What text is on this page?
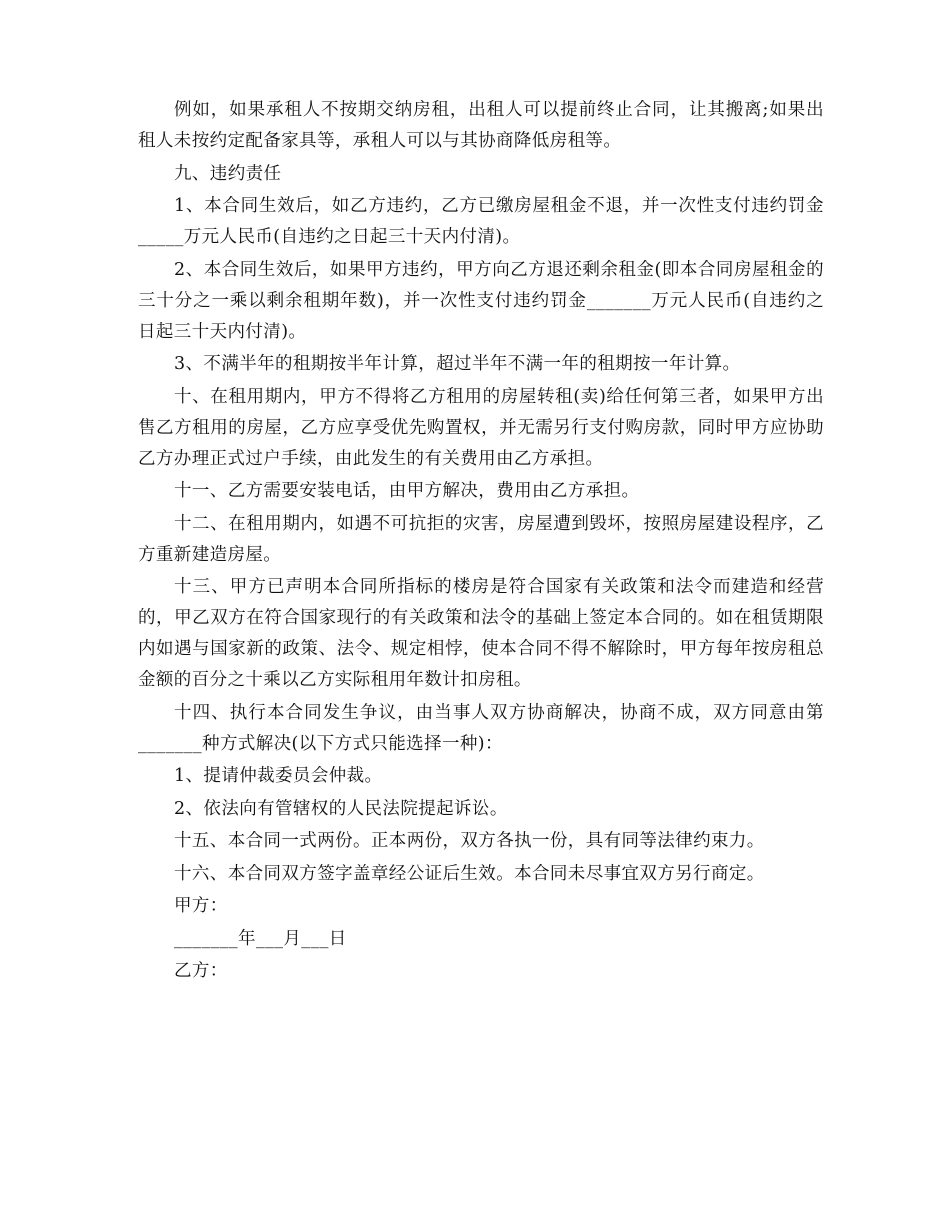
例如，如果承租人不按期交纳房租，出租人可以提前终止合同，让其搬离;如果出租人未按约定配备家具等，承租人可以与其协商降低房租等。

九、违约责任

1、本合同生效后，如乙方违约，乙方已缴房屋租金不退，并一次性支付违约罚金_____万元人民币(自违约之日起三十天内付清)。

2、本合同生效后，如果甲方违约，甲方向乙方退还剩余租金(即本合同房屋租金的三十分之一乘以剩余租期年数)，并一次性支付违约罚金_______万元人民币(自违约之日起三十天内付清)。

3、不满半年的租期按半年计算，超过半年不满一年的租期按一年计算。

十、在租用期内，甲方不得将乙方租用的房屋转租(卖)给任何第三者，如果甲方出售乙方租用的房屋，乙方应享受优先购置权，并无需另行支付购房款，同时甲方应协助乙方办理正式过户手续，由此发生的有关费用由乙方承担。

十一、乙方需要安装电话，由甲方解决，费用由乙方承担。

十二、在租用期内，如遇不可抗拒的灾害，房屋遭到毁坏，按照房屋建设程序，乙方重新建造房屋。

十三、甲方已声明本合同所指标的楼房是符合国家有关政策和法令而建造和经营的，甲乙双方在符合国家现行的有关政策和法令的基础上签定本合同的。如在租赁期限内如遇与国家新的政策、法令、规定相悖，使本合同不得不解除时，甲方每年按房租总金额的百分之十乘以乙方实际租用年数计扣房租。

十四、执行本合同发生争议，由当事人双方协商解决，协商不成，双方同意由第_______种方式解决(以下方式只能选择一种)：

1、提请仲裁委员会仲裁。

2、依法向有管辖权的人民法院提起诉讼。

十五、本合同一式两份。正本两份，双方各执一份，具有同等法律约束力。

十六、本合同双方签字盖章经公证后生效。本合同未尽事宜双方另行商定。

甲方：

_______年___月___日

乙方：
